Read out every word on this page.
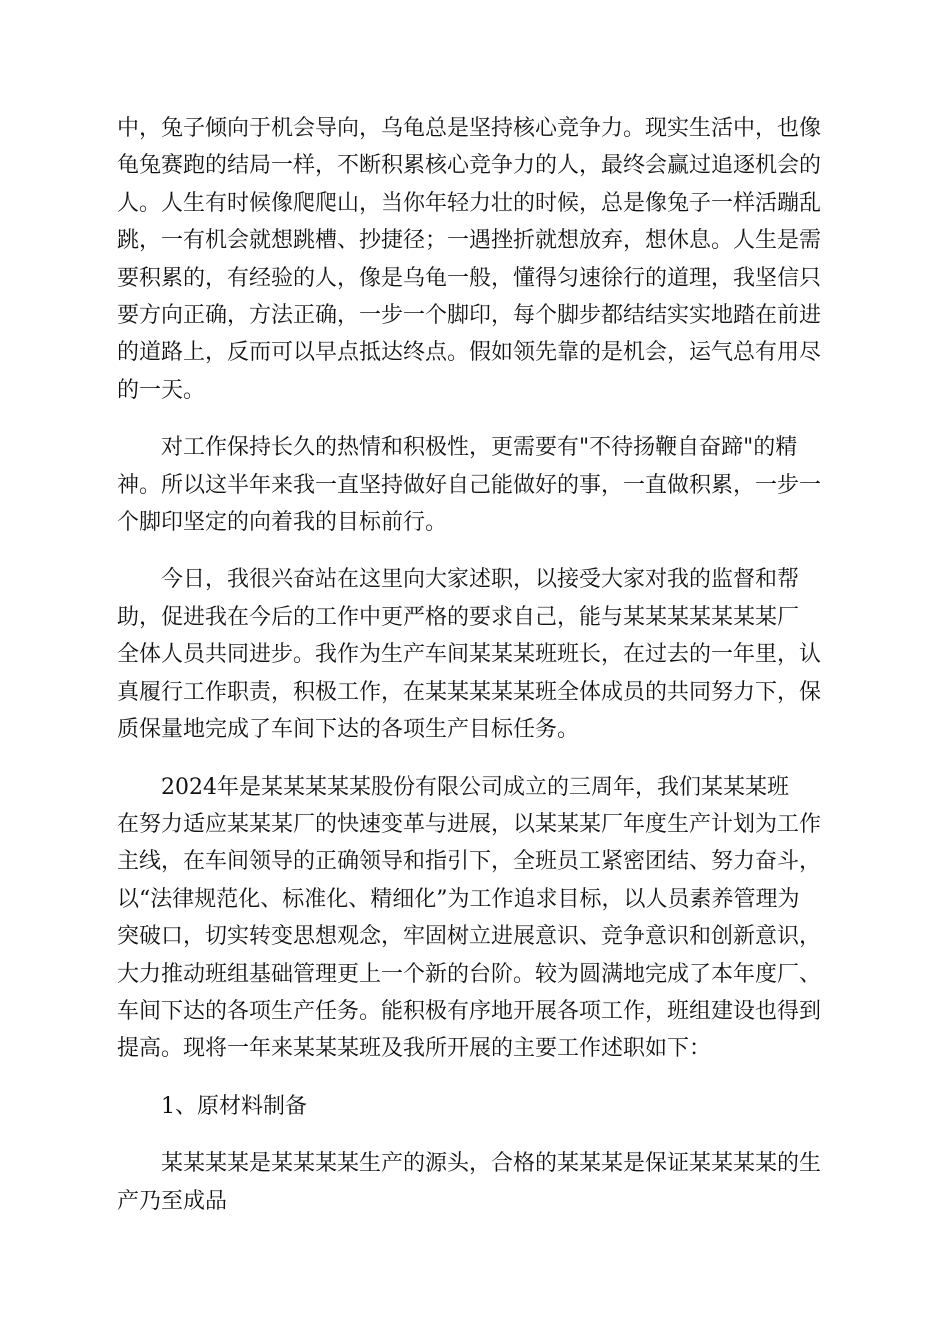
中，兔子倾向于机会导向，乌龟总是坚持核心竞争力。现实生活中，也像
龟兔赛跑的结局一样，不断积累核心竞争力的人，最终会赢过追逐机会的
人。人生有时候像爬爬山，当你年轻力壮的时候，总是像兔子一样活蹦乱
跳，一有机会就想跳槽、抄捷径；一遇挫折就想放弃，想休息。人生是需
要积累的，有经验的人，像是乌龟一般，懂得匀速徐行的道理，我坚信只
要方向正确，方法正确，一步一个脚印，每个脚步都结结实实地踏在前进
的道路上，反而可以早点抵达终点。假如领先靠的是机会，运气总有用尽
的一天。
对工作保持长久的热情和积极性，更需要有"不待扬鞭自奋蹄"的精
神。所以这半年来我一直坚持做好自己能做好的事，一直做积累，一步一
个脚印坚定的向着我的目标前行。
今日，我很兴奋站在这里向大家述职，以接受大家对我的监督和帮
助，促进我在今后的工作中更严格的要求自己，能与某某某某某某某厂
全体人员共同进步。我作为生产车间某某某班班长，在过去的一年里，认
真履行工作职责，积极工作，在某某某某某班全体成员的共同努力下，保
质保量地完成了车间下达的各项生产目标任务。
2024年是某某某某某股份有限公司成立的三周年，我们某某某班
在努力适应某某某厂的快速变革与进展，以某某某厂年度生产计划为工作
主线，在车间领导的正确领导和指引下，全班员工紧密团结、努力奋斗，
以“法律规范化、标准化、精细化”为工作追求目标，以人员素养管理为
突破口，切实转变思想观念，牢固树立进展意识、竞争意识和创新意识，
大力推动班组基础管理更上一个新的台阶。较为圆满地完成了本年度厂、
车间下达的各项生产任务。能积极有序地开展各项工作，班组建设也得到
提高。现将一年来某某某班及我所开展的主要工作述职如下：
1、原材料制备
某某某某是某某某某生产的源头，合格的某某某是保证某某某某的生
产乃至成品
